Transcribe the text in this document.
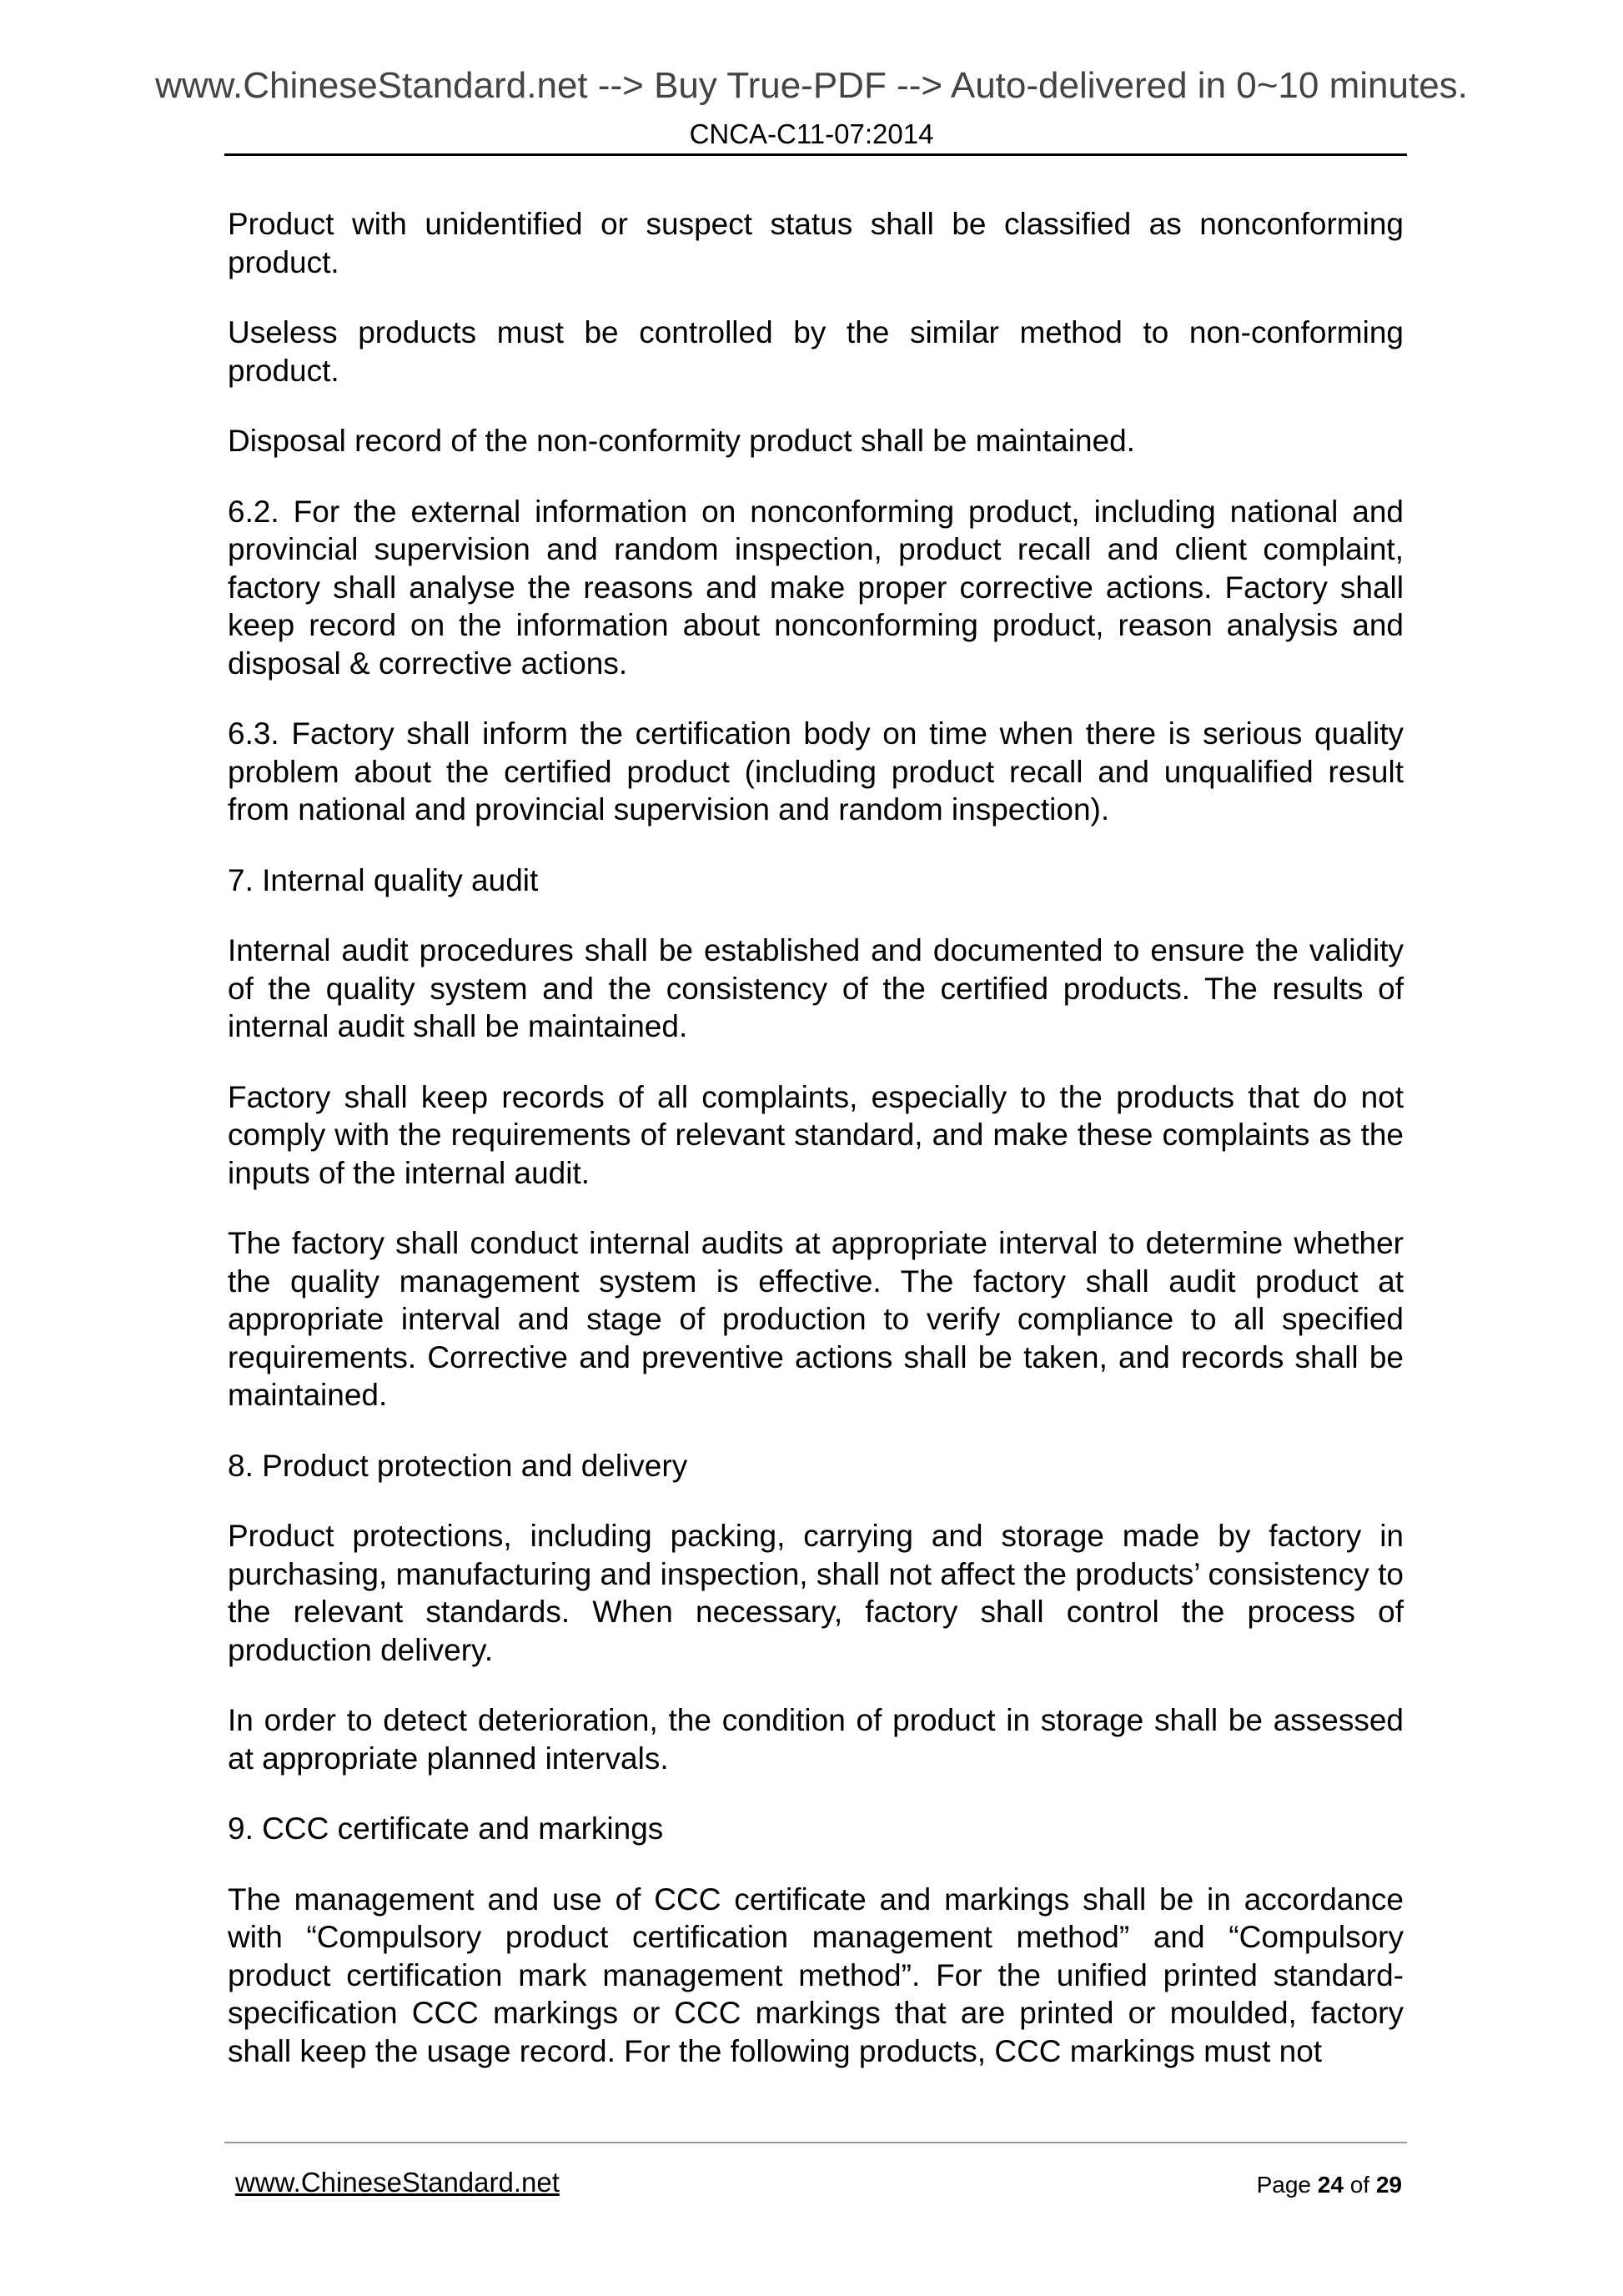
www.ChineseStandard.net --> Buy True-PDF --> Auto-delivered in 0~10 minutes.
CNCA-C11-07:2014

Product with unidentified or suspect status shall be classified as nonconforming product.

Useless products must be controlled by the similar method to non-conforming product.

Disposal record of the non-conformity product shall be maintained.

6.2. For the external information on nonconforming product, including national and provincial supervision and random inspection, product recall and client complaint, factory shall analyse the reasons and make proper corrective actions. Factory shall keep record on the information about nonconforming product, reason analysis and disposal & corrective actions.

6.3. Factory shall inform the certification body on time when there is serious quality problem about the certified product (including product recall and unqualified result from national and provincial supervision and random inspection).

7. Internal quality audit

Internal audit procedures shall be established and documented to ensure the validity of the quality system and the consistency of the certified products. The results of internal audit shall be maintained.

Factory shall keep records of all complaints, especially to the products that do not comply with the requirements of relevant standard, and make these complaints as the inputs of the internal audit.

The factory shall conduct internal audits at appropriate interval to determine whether the quality management system is effective. The factory shall audit product at appropriate interval and stage of production to verify compliance to all specified requirements. Corrective and preventive actions shall be taken, and records shall be maintained.

8. Product protection and delivery

Product protections, including packing, carrying and storage made by factory in purchasing, manufacturing and inspection, shall not affect the products’ consistency to the relevant standards. When necessary, factory shall control the process of production delivery.

In order to detect deterioration, the condition of product in storage shall be assessed at appropriate planned intervals.

9. CCC certificate and markings

The management and use of CCC certificate and markings shall be in accordance with “Compulsory product certification management method” and “Compulsory product certification mark management method”. For the unified printed standard-specification CCC markings or CCC markings that are printed or moulded, factory shall keep the usage record. For the following products, CCC markings must not

www.ChineseStandard.net	Page 24 of 29
